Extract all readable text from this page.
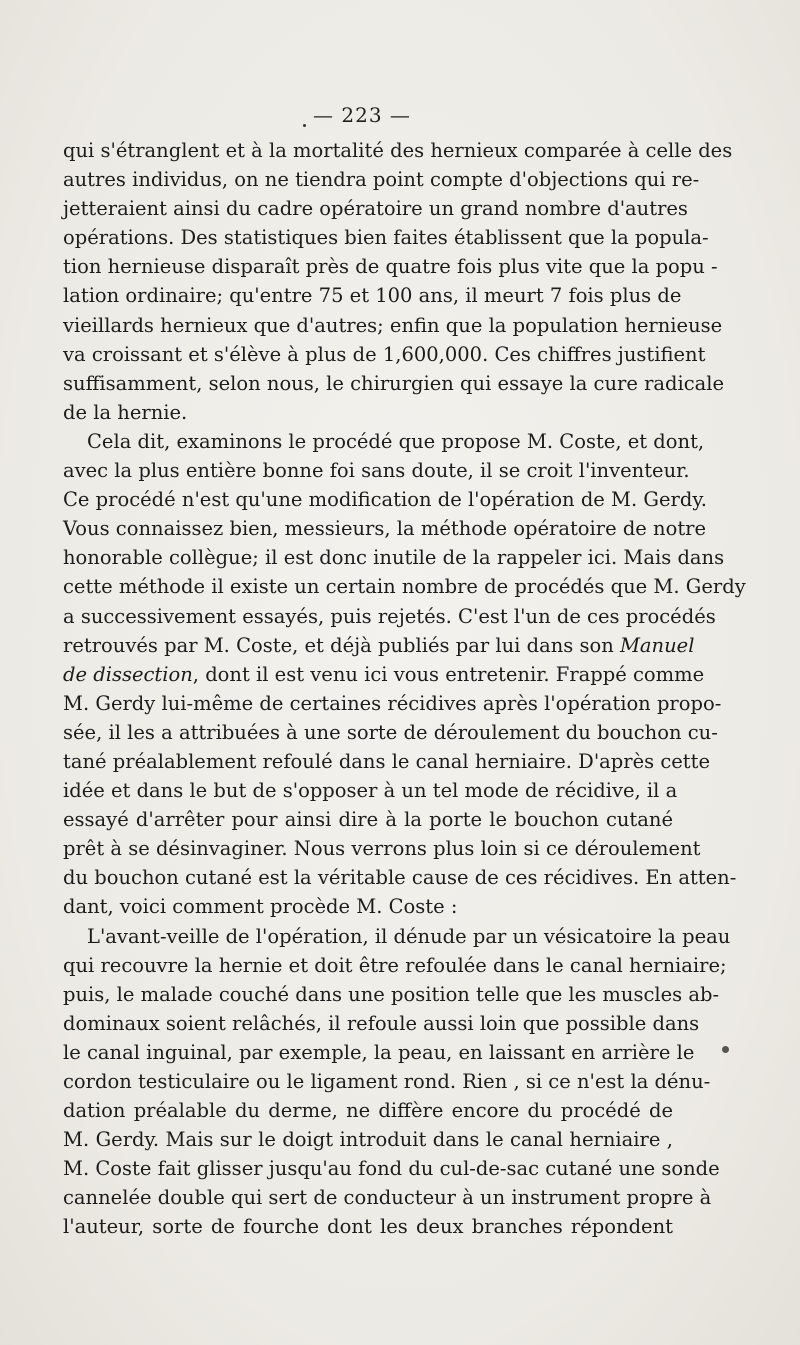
— 223 —
qui s'étranglent et à la mortalité des hernieux comparée à celle des
autres individus, on ne tiendra point compte d'objections qui re-
jetteraient ainsi du cadre opératoire un grand nombre d'autres
opérations. Des statistiques bien faites établissent que la popula-
tion hernieuse disparaît près de quatre fois plus vite que la popu -
lation ordinaire; qu'entre 75 et 100 ans, il meurt 7 fois plus de
vieillards hernieux que d'autres; enfin que la population hernieuse
va croissant et s'élève à plus de 1,600,000. Ces chiffres justifient
suffisamment, selon nous, le chirurgien qui essaye la cure radicale
de la hernie.
Cela dit, examinons le procédé que propose M. Coste, et dont,
avec la plus entière bonne foi sans doute, il se croit l'inventeur.
Ce procédé n'est qu'une modification de l'opération de M. Gerdy.
Vous connaissez bien, messieurs, la méthode opératoire de notre
honorable collègue; il est donc inutile de la rappeler ici. Mais dans
cette méthode il existe un certain nombre de procédés que M. Gerdy
a successivement essayés, puis rejetés. C'est l'un de ces procédés
retrouvés par M. Coste, et déjà publiés par lui dans son Manuel
de dissection, dont il est venu ici vous entretenir. Frappé comme
M. Gerdy lui-même de certaines récidives après l'opération propo-
sée, il les a attribuées à une sorte de déroulement du bouchon cu-
tané préalablement refoulé dans le canal herniaire. D'après cette
idée et dans le but de s'opposer à un tel mode de récidive, il a
essayé d'arrêter pour ainsi dire à la porte le bouchon cutané
prêt à se désinvaginer. Nous verrons plus loin si ce déroulement
du bouchon cutané est la véritable cause de ces récidives. En atten-
dant, voici comment procède M. Coste :
L'avant-veille de l'opération, il dénude par un vésicatoire la peau
qui recouvre la hernie et doit être refoulée dans le canal herniaire;
puis, le malade couché dans une position telle que les muscles ab-
dominaux soient relâchés, il refoule aussi loin que possible dans
le canal inguinal, par exemple, la peau, en laissant en arrière le
cordon testiculaire ou le ligament rond. Rien , si ce n'est la dénu-
dation préalable du derme, ne diffère encore du procédé de
M. Gerdy. Mais sur le doigt introduit dans le canal herniaire ,
M. Coste fait glisser jusqu'au fond du cul-de-sac cutané une sonde
cannelée double qui sert de conducteur à un instrument propre à
l'auteur, sorte de fourche dont les deux branches répondent
